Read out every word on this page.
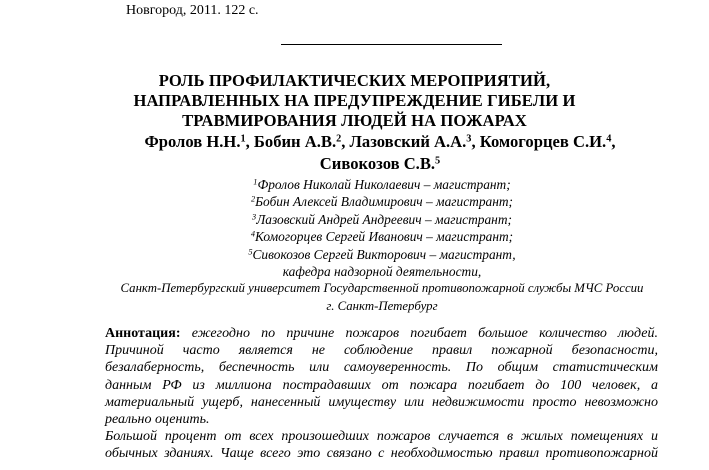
Новгород, 2011. 122 с.
РОЛЬ ПРОФИЛАКТИЧЕСКИХ МЕРОПРИЯТИЙ,
НАПРАВЛЕННЫХ НА ПРЕДУПРЕЖДЕНИЕ ГИБЕЛИ И
ТРАВМИРОВАНИЯ ЛЮДЕЙ НА ПОЖАРАХ
Фролов Н.Н.$^1$, Бобин А.В.$^2$, Лазовский А.А.$^3$, Комогорцев С.И.$^4$,
Сивокозов С.В.$^5$
$^1$Фролов Николай Николаевич – магистрант;
$^2$Бобин Алексей Владимирович – магистрант;
$^3$Лазовский Андрей Андреевич – магистрант;
$^4$Комогорцев Сергей Иванович – магистрант;
$^5$Сивокозов Сергей Викторович – магистрант,
кафедра надзорной деятельности,
Санкт-Петербургский университет Государственной противопожарной службы МЧС России
г. Санкт-Петербург
Аннотация: ежегодно по причине пожаров погибает большое количество людей.
Причиной часто является не соблюдение правил пожарной безопасности,
безалаберность, беспечность или самоуверенность. По общим статистическим
данным РФ из миллиона пострадавших от пожара погибает до 100 человек, а
материальный ущерб, нанесенный имуществу или недвижимости просто невозможно
реально оценить.
Большой процент от всех произошедших пожаров случается в жилых помещениях и
обычных зданиях. Чаще всего это связано с необходимостью правил противопожарной
